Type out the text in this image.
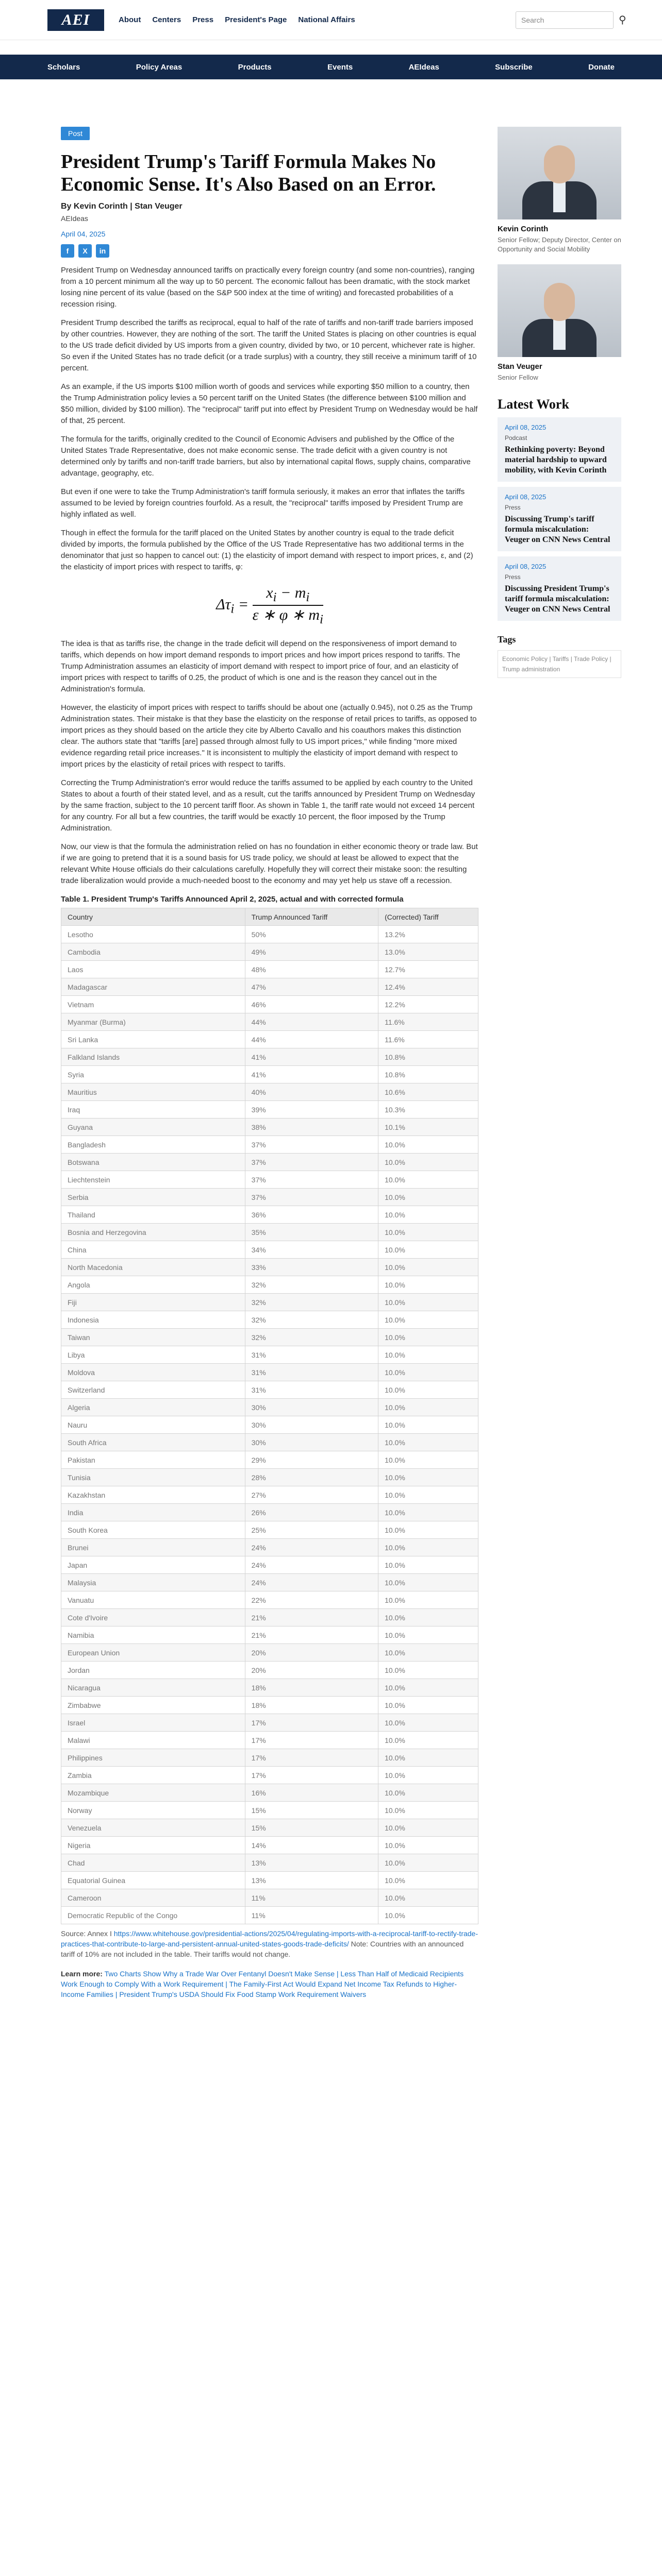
AEI	About Centers Press President's Page National Affairs	Search	⚲
Scholars	Policy Areas	Products	Events	AEIdeas	Subscribe	Donate
Post
President Trump's Tariff Formula Makes No Economic Sense. It's Also Based on an Error.
By Kevin Corinth | Stan Veuger
AEIdeas
April 04, 2025
f	X	in

President Trump on Wednesday announced tariffs on practically every foreign country (and some non-countries), ranging from a 10 percent minimum all the way up to 50 percent. The economic fallout has been dramatic, with the stock market losing nine percent of its value (based on the S&P 500 index at the time of writing) and forecasted probabilities of a recession rising.

President Trump described the tariffs as reciprocal, equal to half of the rate of tariffs and non-tariff trade barriers imposed by other countries. However, they are nothing of the sort. The tariff the United States is placing on other countries is equal to the US trade deficit divided by US imports from a given country, divided by two, or 10 percent, whichever rate is higher. So even if the United States has no trade deficit (or a trade surplus) with a country, they still receive a minimum tariff of 10 percent.

As an example, if the US imports $100 million worth of goods and services while exporting $50 million to a country, then the Trump Administration policy levies a 50 percent tariff on the United States (the difference between $100 million and $50 million, divided by $100 million). The "reciprocal" tariff put into effect by President Trump on Wednesday would be half of that, 25 percent.

The formula for the tariffs, originally credited to the Council of Economic Advisers and published by the Office of the United States Trade Representative, does not make economic sense. The trade deficit with a given country is not determined only by tariffs and non-tariff trade barriers, but also by international capital flows, supply chains, comparative advantage, geography, etc.

But even if one were to take the Trump Administration's tariff formula seriously, it makes an error that inflates the tariffs assumed to be levied by foreign countries fourfold. As a result, the "reciprocal" tariffs imposed by President Trump are highly inflated as well.

Though in effect the formula for the tariff placed on the United States by another country is equal to the trade deficit divided by imports, the formula published by the Office of the US Trade Representative has two additional terms in the denominator that just so happen to cancel out: (1) the elasticity of import demand with respect to import prices, ε, and (2) the elasticity of import prices with respect to tariffs, φ:

$\Delta\tau_i = \frac{x_i - m_i}{\varepsilon ∗ \varphi ∗ m_i}$

The idea is that as tariffs rise, the change in the trade deficit will depend on the responsiveness of import demand to tariffs, which depends on how import demand responds to import prices and how import prices respond to tariffs. The Trump Administration assumes an elasticity of import demand with respect to import price of four, and an elasticity of import prices with respect to tariffs of 0.25, the product of which is one and is the reason they cancel out in the Administration's formula.

However, the elasticity of import prices with respect to tariffs should be about one (actually 0.945), not 0.25 as the Trump Administration states. Their mistake is that they base the elasticity on the response of retail prices to tariffs, as opposed to import prices as they should based on the article they cite by Alberto Cavallo and his coauthors makes this distinction clear. The authors state that "tariffs [are] passed through almost fully to US import prices," while finding "more mixed evidence regarding retail price increases." It is inconsistent to multiply the elasticity of import demand with respect to import prices by the elasticity of retail prices with respect to tariffs.

Correcting the Trump Administration's error would reduce the tariffs assumed to be applied by each country to the United States to about a fourth of their stated level, and as a result, cut the tariffs announced by President Trump on Wednesday by the same fraction, subject to the 10 percent tariff floor. As shown in Table 1, the tariff rate would not exceed 14 percent for any country. For all but a few countries, the tariff would be exactly 10 percent, the floor imposed by the Trump Administration.

Now, our view is that the formula the administration relied on has no foundation in either economic theory or trade law. But if we are going to pretend that it is a sound basis for US trade policy, we should at least be allowed to expect that the relevant White House officials do their calculations carefully. Hopefully they will correct their mistake soon: the resulting trade liberalization would provide a much-needed boost to the economy and may yet help us stave off a recession.

Table 1. President Trump's Tariffs Announced April 2, 2025, actual and with corrected formula
Country	Trump Announced Tariff	(Corrected) Tariff
Lesotho	50%	13.2%
Cambodia	49%	13.0%
Laos	48%	12.7%
Madagascar	47%	12.4%
Vietnam	46%	12.2%
Myanmar (Burma)	44%	11.6%
Sri Lanka	44%	11.6%
Falkland Islands	41%	10.8%
Syria	41%	10.8%
Mauritius	40%	10.6%
Iraq	39%	10.3%
Guyana	38%	10.1%
Bangladesh	37%	10.0%
Botswana	37%	10.0%
Liechtenstein	37%	10.0%
Serbia	37%	10.0%
Thailand	36%	10.0%
Bosnia and Herzegovina	35%	10.0%
China	34%	10.0%
North Macedonia	33%	10.0%
Angola	32%	10.0%
Fiji	32%	10.0%
Indonesia	32%	10.0%
Taiwan	32%	10.0%
Libya	31%	10.0%
Moldova	31%	10.0%
Switzerland	31%	10.0%
Algeria	30%	10.0%
Nauru	30%	10.0%
South Africa	30%	10.0%
Pakistan	29%	10.0%
Tunisia	28%	10.0%
Kazakhstan	27%	10.0%
India	26%	10.0%
South Korea	25%	10.0%
Brunei	24%	10.0%
Japan	24%	10.0%
Malaysia	24%	10.0%
Vanuatu	22%	10.0%
Cote d'Ivoire	21%	10.0%
Namibia	21%	10.0%
European Union	20%	10.0%
Jordan	20%	10.0%
Nicaragua	18%	10.0%
Zimbabwe	18%	10.0%
Israel	17%	10.0%
Malawi	17%	10.0%
Philippines	17%	10.0%
Zambia	17%	10.0%
Mozambique	16%	10.0%
Norway	15%	10.0%
Venezuela	15%	10.0%
Nigeria	14%	10.0%
Chad	13%	10.0%
Equatorial Guinea	13%	10.0%
Cameroon	11%	10.0%
Democratic Republic of the Congo	11%	10.0%
Source: Annex I https://www.whitehouse.gov/presidential-actions/2025/04/regulating-imports-with-a-reciprocal-tariff-to-rectify-trade-practices-that-contribute-to-large-and-persistent-annual-united-states-goods-trade-deficits/ Note: Countries with an announced tariff of 10% are not included in the table. Their tariffs would not change.
Learn more: Two Charts Show Why a Trade War Over Fentanyl Doesn't Make Sense | Less Than Half of Medicaid Recipients Work Enough to Comply With a Work Requirement | The Family-First Act Would Expand Net Income Tax Refunds to Higher-Income Families | President Trump's USDA Should Fix Food Stamp Work Requirement Waivers
Kevin Corinth
Senior Fellow; Deputy Director, Center on Opportunity and Social Mobility
Stan Veuger
Senior Fellow
Latest Work
April 08, 2025
Podcast
Rethinking poverty: Beyond material hardship to upward mobility, with Kevin Corinth
April 08, 2025
Press
Discussing Trump's tariff formula miscalculation: Veuger on CNN News Central
April 08, 2025
Press
Discussing President Trump's tariff formula miscalculation: Veuger on CNN News Central
Tags
Economic Policy | Tariffs | Trade Policy | Trump administration
